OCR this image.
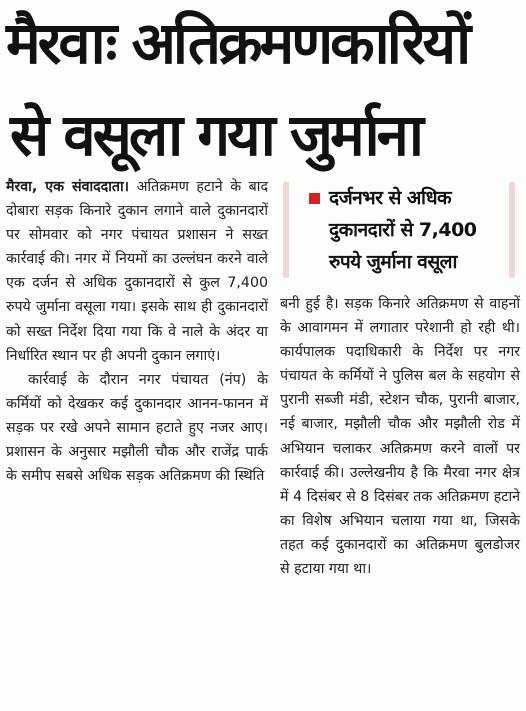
मैरवाः अतिक्रमणकारियों
से वसूला गया जुर्माना

मैरवा, एक संवाददाता। अतिक्रमण हटाने के बाद दोबारा सड़क किनारे दुकान लगाने वाले दुकानदारों पर सोमवार को नगर पंचायत प्रशासन ने सख्त कार्रवाई की। नगर में नियमों का उल्लंघन करने वाले एक दर्जन से अधिक दुकानदारों से कुल 7,400 रुपये जुर्माना वसूला गया। इसके साथ ही दुकानदारों को सख्त निर्देश दिया गया कि वे नाले के अंदर या निर्धारित स्थान पर ही अपनी दुकान लगाएं।

कार्रवाई के दौरान नगर पंचायत (नंप) के कर्मियों को देखकर कई दुकानदार आनन-फानन में सड़क पर रखे अपने सामान हटाते हुए नजर आए। प्रशासन के अनुसार मझौली चौक और राजेंद्र पार्क के समीप सबसे अधिक सड़क अतिक्रमण की स्थिति

दर्जनभर से अधिक
दुकानदारों से 7,400
रुपये जुर्माना वसूला

बनी हुई है। सड़क किनारे अतिक्रमण से वाहनों के आवागमन में लगातार परेशानी हो रही थी। कार्यपालक पदाधिकारी के निर्देश पर नगर पंचायत के कर्मियों ने पुलिस बल के सहयोग से पुरानी सब्जी मंडी, स्टेशन चौक, पुरानी बाजार, नई बाजार, मझौली चौक और मझौली रोड में अभियान चलाकर अतिक्रमण करने वालों पर कार्रवाई की। उल्लेखनीय है कि मैरवा नगर क्षेत्र में 4 दिसंबर से 8 दिसंबर तक अतिक्रमण हटाने का विशेष अभियान चलाया गया था, जिसके तहत कई दुकानदारों का अतिक्रमण बुलडोजर से हटाया गया था।
